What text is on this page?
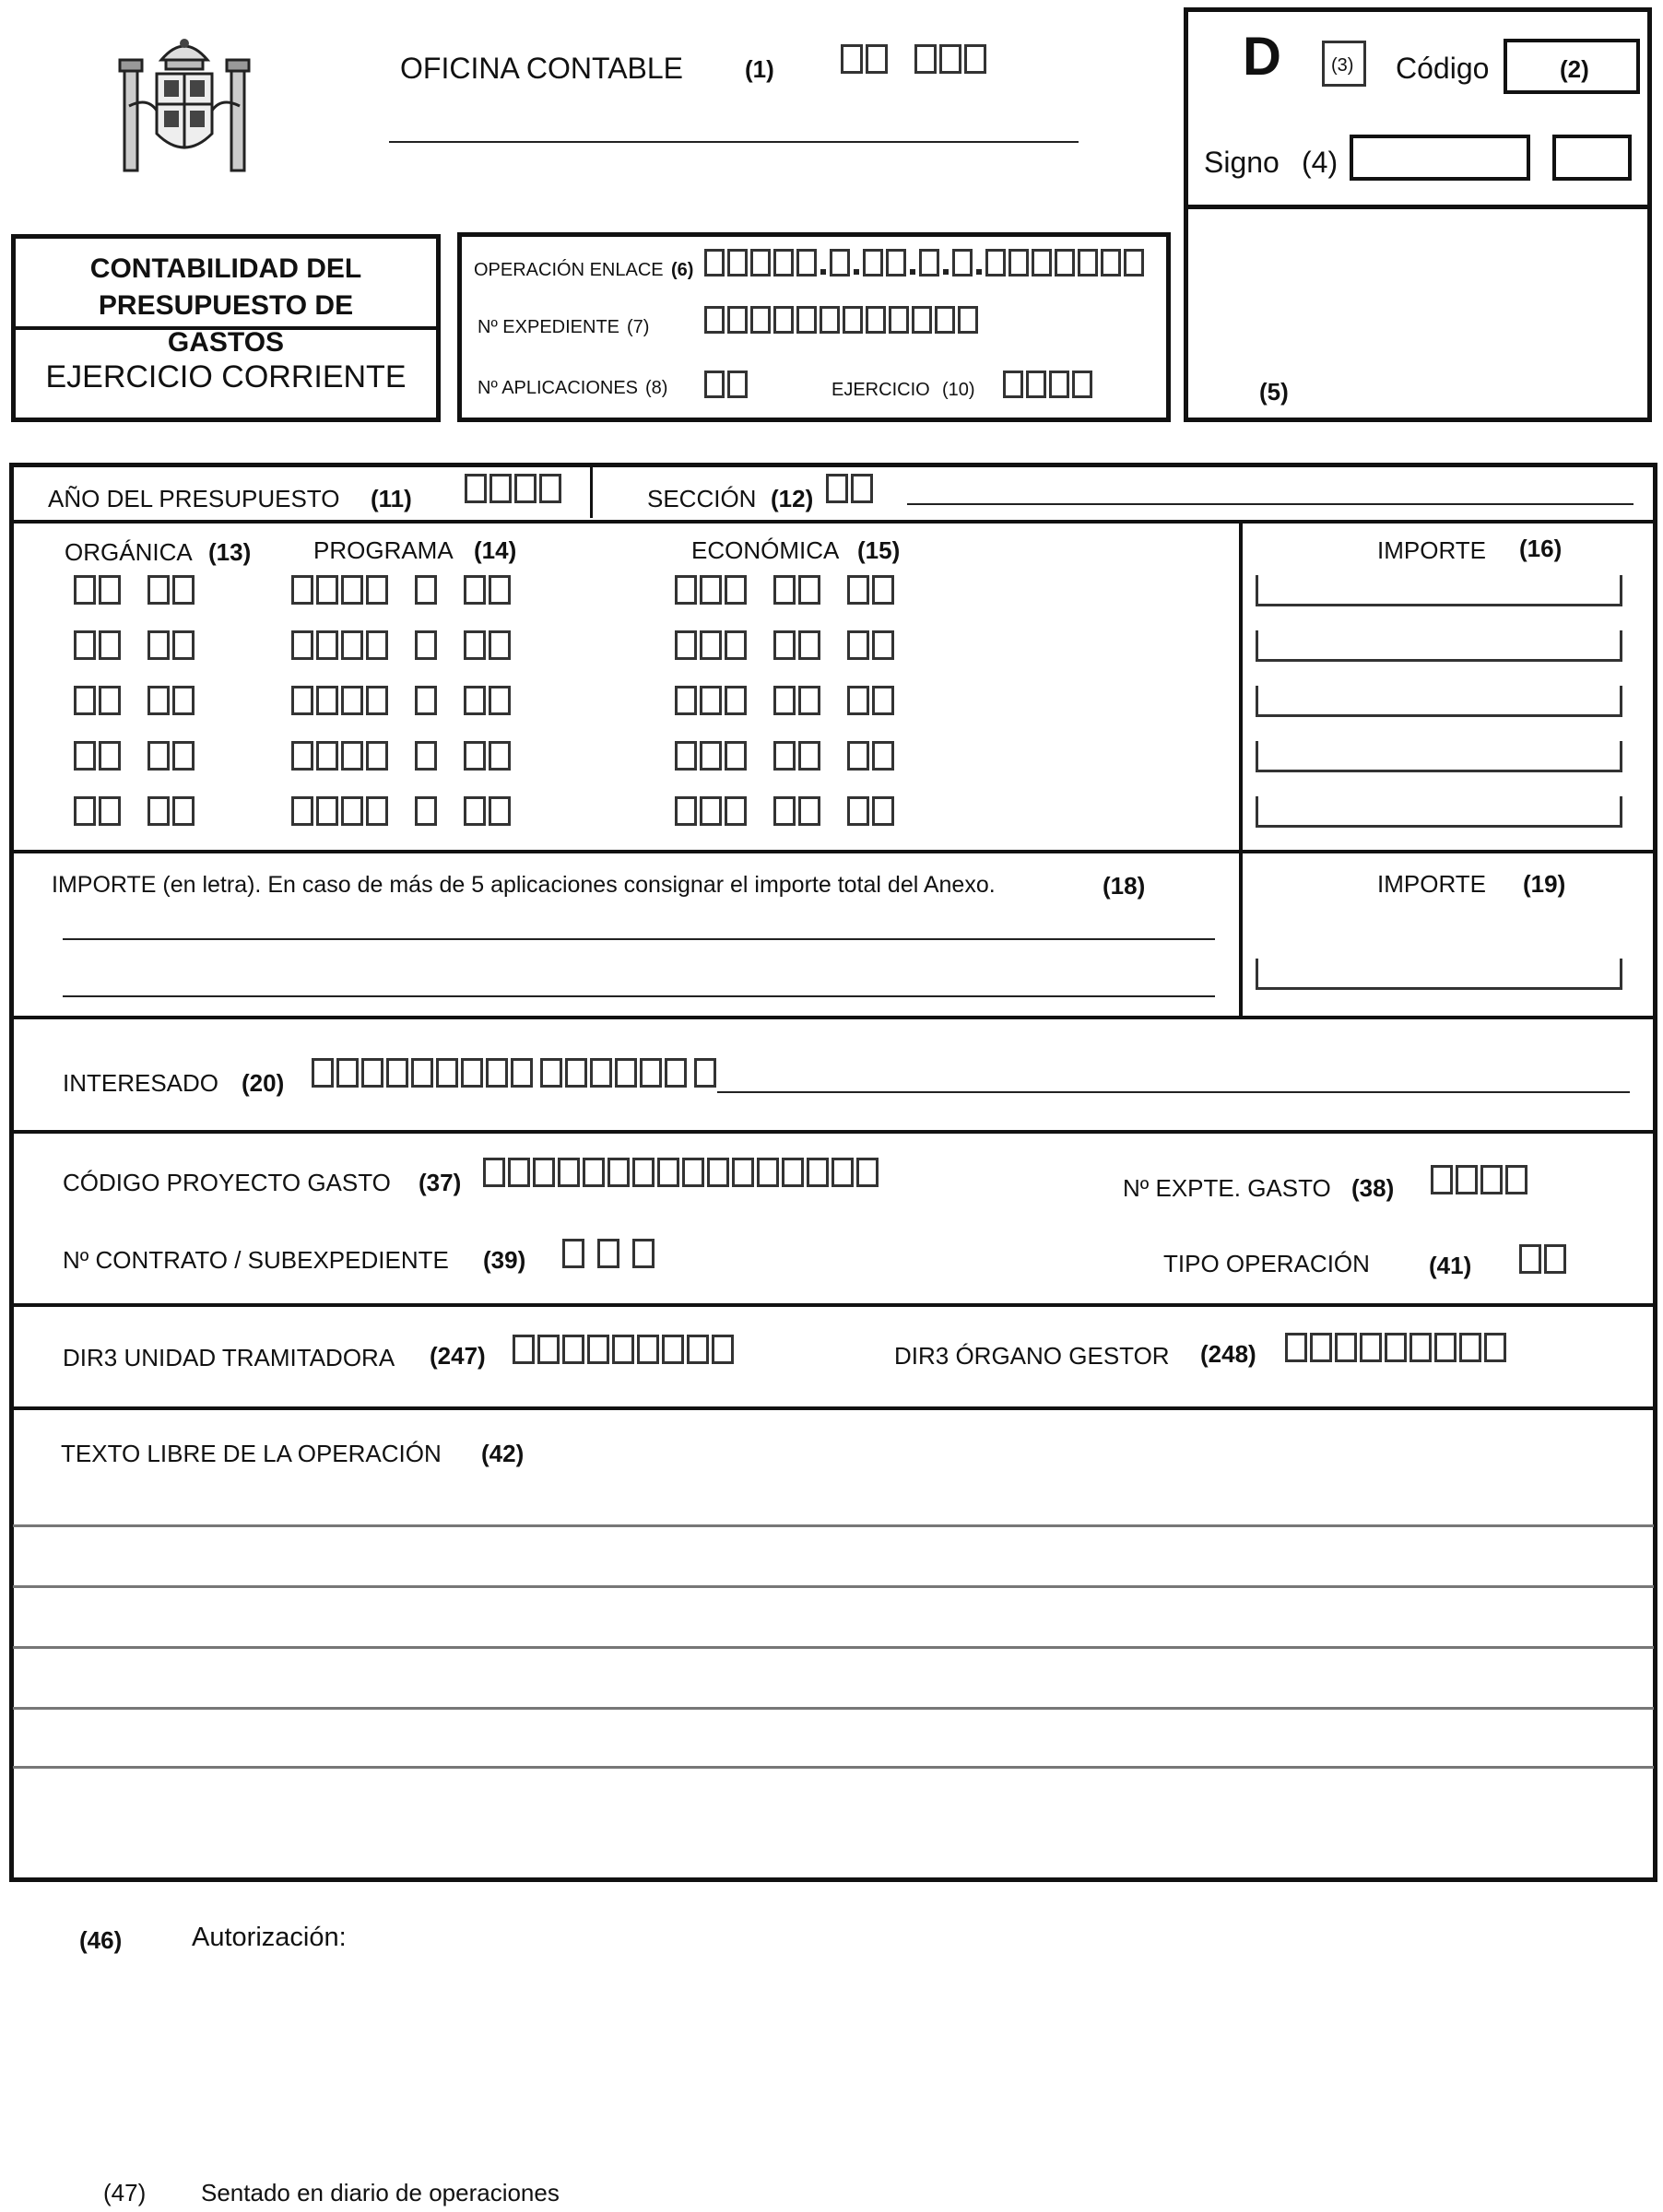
OFICINA CONTABLE	(1)	D	(3) Código	(2)
Signo (4)
(5)
CONTABILIDAD DEL PRESUPUESTO DE GASTOS
EJERCICIO CORRIENTE
OPERACIÓN ENLACE (6)
Nº EXPEDIENTE (7)
Nº APLICACIONES (8)	EJERCICIO (10)
AÑO DEL PRESUPUESTO (11)	SECCIÓN (12)
ORGÁNICA (13)	PROGRAMA (14)	ECONÓMICA (15)	IMPORTE (16)
IMPORTE (en letra). En caso de más de 5 aplicaciones consignar el importe total del Anexo.	(18)	IMPORTE (19)
INTERESADO (20)
CÓDIGO PROYECTO GASTO (37)	Nº EXPTE. GASTO (38)
Nº CONTRATO / SUBEXPEDIENTE (39)	TIPO OPERACIÓN (41)
DIR3 UNIDAD TRAMITADORA (247)	DIR3 ÓRGANO GESTOR (248)
TEXTO LIBRE DE LA OPERACIÓN (42)
(46)	Autorización:
(47) Sentado en diario de operaciones
